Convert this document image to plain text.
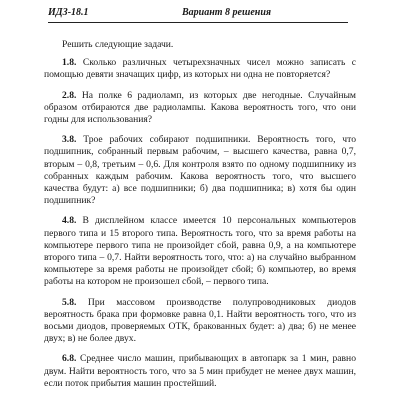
ИДЗ-18.1	Вариант 8 решения

Решить следующие задачи.

1.8. Сколько различных четырехзначных чисел можно записать с помощью девяти значащих цифр, из которых ни одна не повторяется?

2.8. На полке 6 радиоламп, из которых две негодные. Случайным образом отбираются две радиолампы. Какова вероятность того, что они годны для использования?

3.8. Трое рабочих собирают подшипники. Вероятность того, что подшипник, собранный первым рабочим, – высшего качества, равна 0,7, вторым – 0,8, третьим – 0,6. Для контроля взято по одному подшипнику из собранных каждым рабочим. Какова вероятность того, что высшего качества будут: а) все подшипники; б) два подшипника; в) хотя бы один подшипник?

4.8. В дисплейном классе имеется 10 персональных компьютеров первого типа и 15 второго типа. Вероятность того, что за время работы на компьютере первого типа не произойдет сбой, равна 0,9, а на компьютере второго типа – 0,7. Найти вероятность того, что: а) на случайно выбранном компьютере за время работы не произойдет сбой; б) компьютер, во время работы на котором не произошел сбой, – первого типа.

5.8. При массовом производстве полупроводниковых диодов вероятность брака при формовке равна 0,1. Найти вероятность того, что из восьми диодов, проверяемых ОТК, бракованных будет: а) два; б) не менее двух; в) не более двух.

6.8. Среднее число машин, прибывающих в автопарк за 1 мин, равно двум. Найти вероятность того, что за 5 мин прибудет не менее двух машин, если поток прибытия машин простейший.
